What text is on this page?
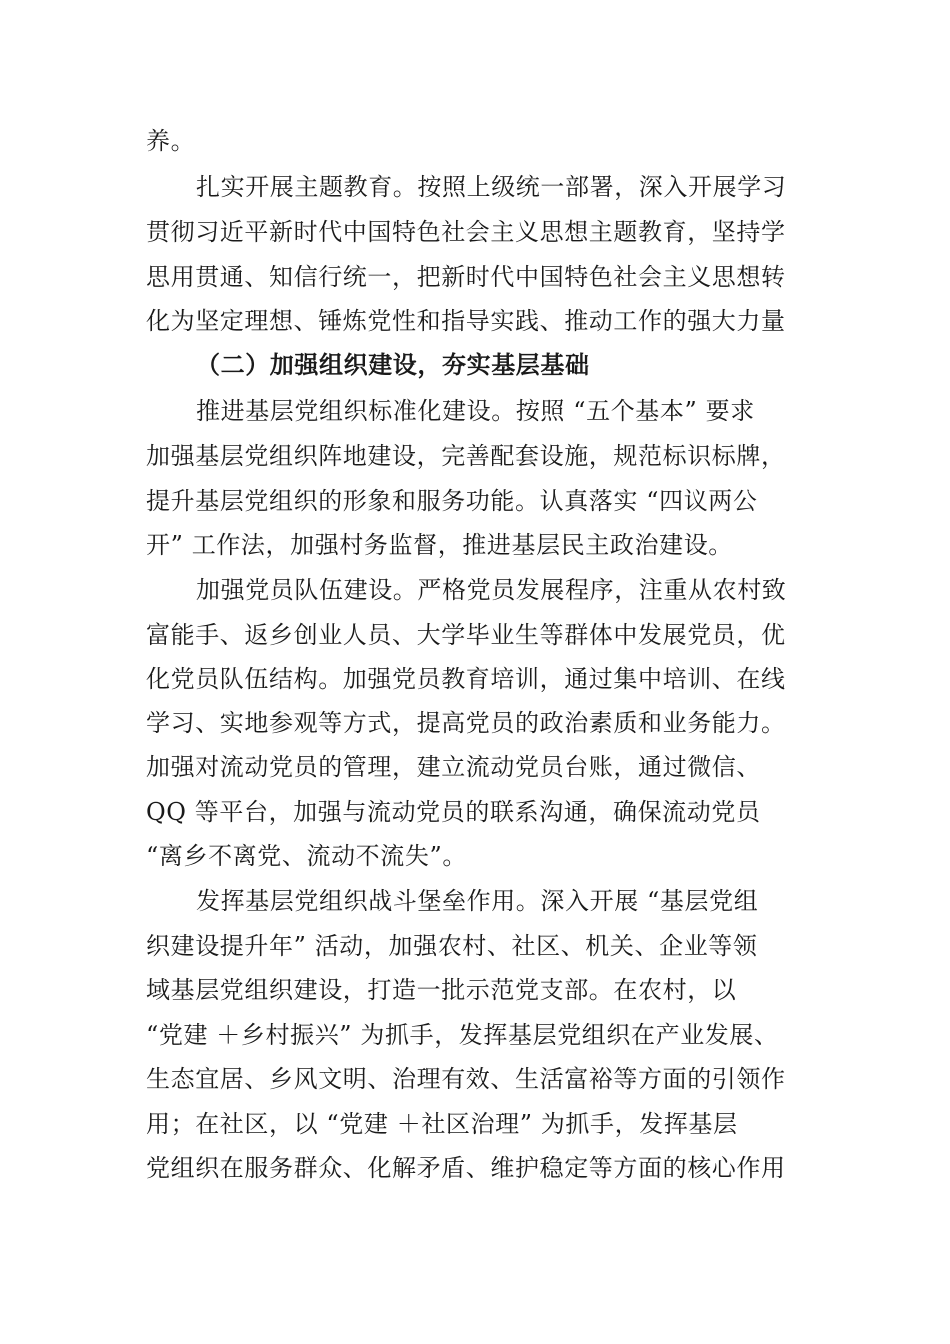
养。
扎实开展主题教育。按照上级统一部署，深入开展学习
贯彻习近平新时代中国特色社会主义思想主题教育，坚持学
思用贯通、知信行统一，把新时代中国特色社会主义思想转
化为坚定理想、锤炼党性和指导实践、推动工作的强大力量
（二）加强组织建设，夯实基层基础
推进基层党组织标准化建设。按照 “五个基本” 要求
加强基层党组织阵地建设，完善配套设施，规范标识标牌，
提升基层党组织的形象和服务功能。认真落实 “四议两公
开” 工作法，加强村务监督，推进基层民主政治建设。
加强党员队伍建设。严格党员发展程序，注重从农村致
富能手、返乡创业人员、大学毕业生等群体中发展党员，优
化党员队伍结构。加强党员教育培训，通过集中培训、在线
学习、实地参观等方式，提高党员的政治素质和业务能力。
加强对流动党员的管理，建立流动党员台账，通过微信、
QQ 等平台，加强与流动党员的联系沟通，确保流动党员
“离乡不离党、流动不流失”。
发挥基层党组织战斗堡垒作用。深入开展 “基层党组
织建设提升年” 活动，加强农村、社区、机关、企业等领
域基层党组织建设，打造一批示范党支部。在农村，以
“党建 ＋乡村振兴” 为抓手，发挥基层党组织在产业发展、
生态宜居、乡风文明、治理有效、生活富裕等方面的引领作
用；在社区，以 “党建 ＋社区治理” 为抓手，发挥基层
党组织在服务群众、化解矛盾、维护稳定等方面的核心作用
